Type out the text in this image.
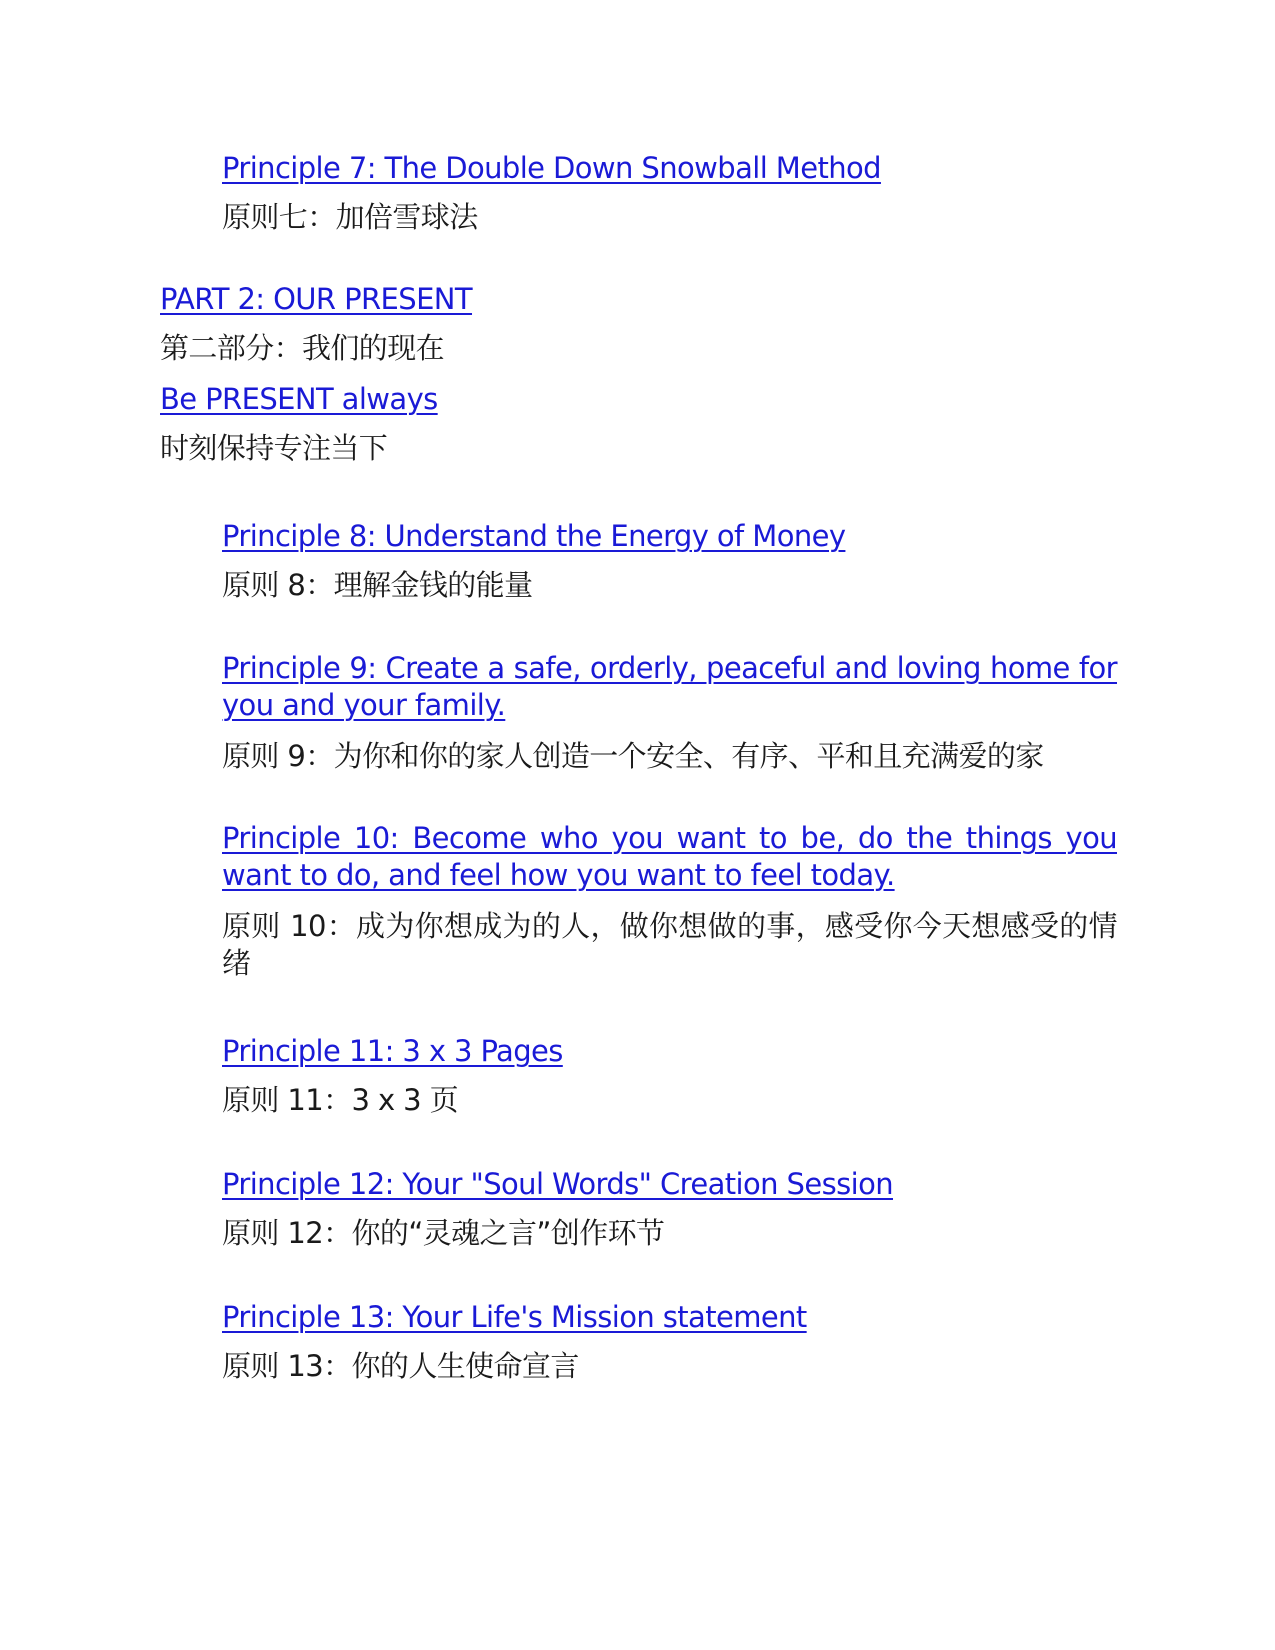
Principle 7: The Double Down Snowball Method
原则七：加倍雪球法
PART 2: OUR PRESENT
第二部分：我们的现在
Be PRESENT always
时刻保持专注当下
Principle 8: Understand the Energy of Money
原则 8：理解金钱的能量
Principle 9: Create a safe, orderly, peaceful and loving home for you and your family.
原则 9：为你和你的家人创造一个安全、有序、平和且充满爱的家
Principle 10: Become who you want to be, do the things you want to do, and feel how you want to feel today.
原则 10：成为你想成为的人，做你想做的事，感受你今天想感受的情绪
Principle 11: 3 x 3 Pages
原则 11：3 x 3 页
Principle 12: Your "Soul Words" Creation Session
原则 12：你的“灵魂之言”创作环节
Principle 13: Your Life's Mission statement
原则 13：你的人生使命宣言
